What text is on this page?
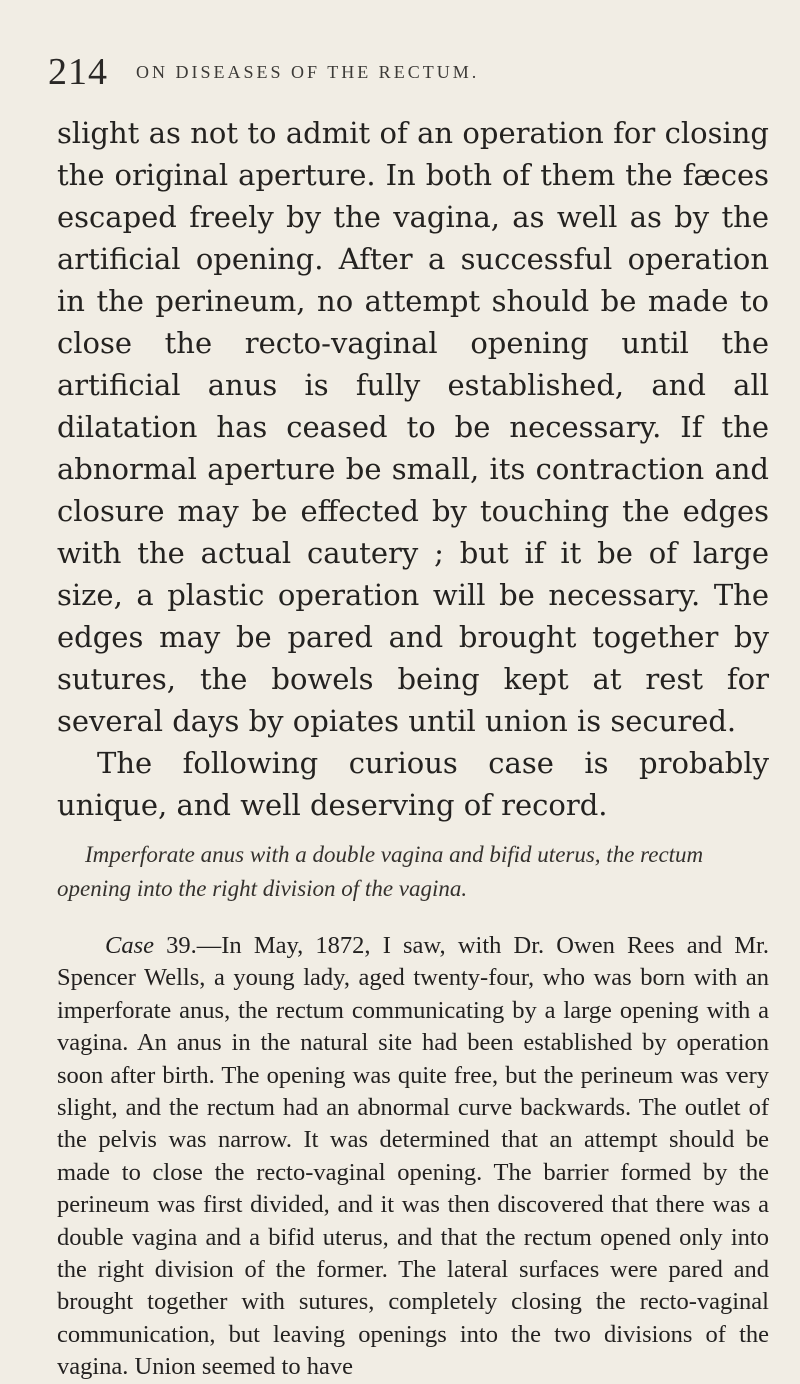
214 ON DISEASES OF THE RECTUM.

slight as not to admit of an operation for closing the original aperture. In both of them the fæces escaped freely by the vagina, as well as by the artificial opening. After a successful operation in the perineum, no attempt should be made to close the recto-vaginal opening until the artificial anus is fully established, and all dilatation has ceased to be necessary. If the abnormal aperture be small, its contraction and closure may be effected by touching the edges with the actual cautery ; but if it be of large size, a plastic operation will be necessary. The edges may be pared and brought together by sutures, the bowels being kept at rest for several days by opiates until union is secured.

The following curious case is probably unique, and well deserving of record.

Imperforate anus with a double vagina and bifid uterus, the rectum opening into the right division of the vagina.

Case 39.—In May, 1872, I saw, with Dr. Owen Rees and Mr. Spencer Wells, a young lady, aged twenty-four, who was born with an imperforate anus, the rectum communicating by a large opening with a vagina. An anus in the natural site had been established by operation soon after birth. The opening was quite free, but the perineum was very slight, and the rectum had an abnormal curve backwards. The outlet of the pelvis was narrow. It was determined that an attempt should be made to close the recto-vaginal opening. The barrier formed by the perineum was first divided, and it was then discovered that there was a double vagina and a bifid uterus, and that the rectum opened only into the right division of the former. The lateral surfaces were pared and brought together with sutures, completely closing the recto-vaginal communication, but leaving openings into the two divisions of the vagina. Union seemed to have
